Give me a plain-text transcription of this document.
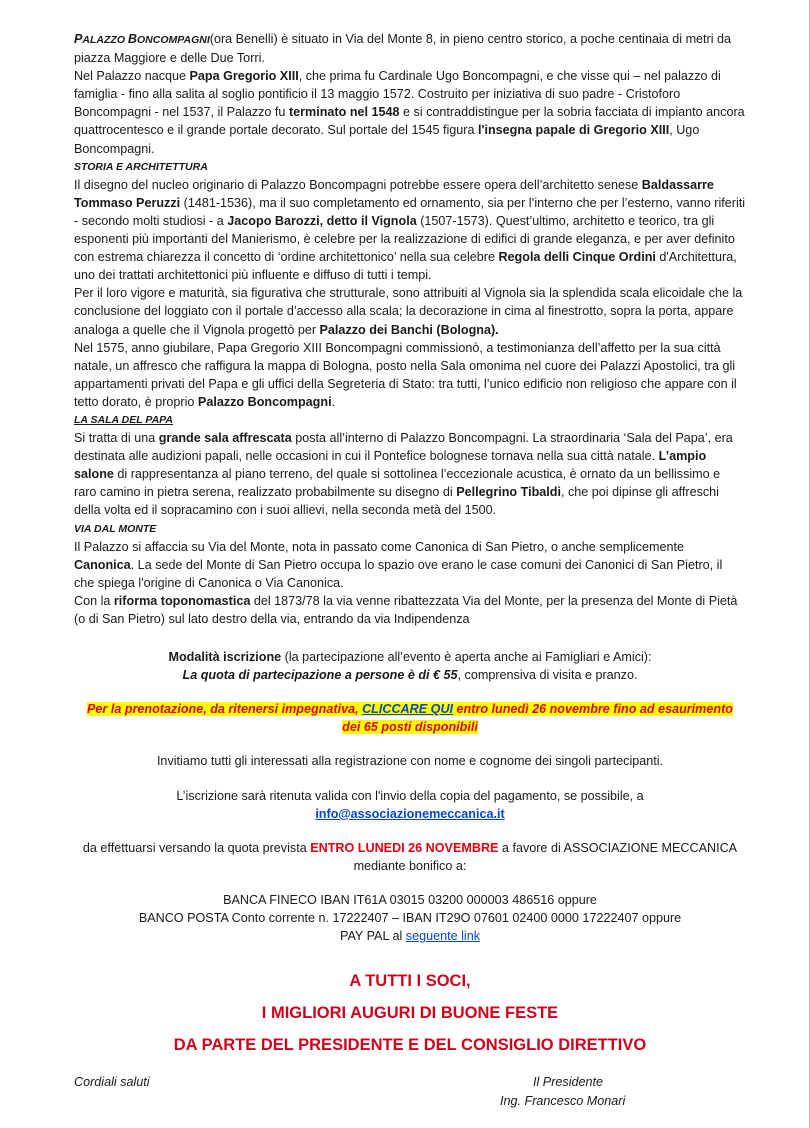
PALAZZO BONCOMPAGNI(ora Benelli) è situato in Via del Monte 8, in pieno centro storico, a poche centinaia di metri da piazza Maggiore e delle Due Torri.

Nel Palazzo nacque Papa Gregorio XIII, che prima fu Cardinale Ugo Boncompagni, e che visse qui – nel palazzo di famiglia - fino alla salita al soglio pontificio il 13 maggio 1572. Costruito per iniziativa di suo padre - Cristoforo Boncompagni - nel 1537, il Palazzo fu terminato nel 1548 e si contraddistingue per la sobria facciata di impianto ancora quattrocentesco e il grande portale decorato. Sul portale del 1545 figura l'insegna papale di Gregorio XIII, Ugo Boncompagni.

STORIA E ARCHITETTURA

Il disegno del nucleo originario di Palazzo Boncompagni potrebbe essere opera dell’architetto senese Baldassarre Tommaso Peruzzi (1481-1536), ma il suo completamento ed ornamento, sia per l’interno che per l’esterno, vanno riferiti - secondo molti studiosi - a Jacopo Barozzi, detto il Vignola (1507-1573). Quest’ultimo, architetto e teorico, tra gli esponenti più importanti del Manierismo, è celebre per la realizzazione di edifici di grande eleganza, e per aver definito con estrema chiarezza il concetto di ‘ordine architettonico’ nella sua celebre Regola delli Cinque Ordini d'Architettura, uno dei trattati architettonici più influente e diffuso di tutti i tempi.

Per il loro vigore e maturità, sia figurativa che strutturale, sono attribuiti al Vignola sia la splendida scala elicoidale che la conclusione del loggiato con il portale d’accesso alla scala; la decorazione in cima al finestrotto, sopra la porta, appare analoga a quelle che il Vignola progettò per Palazzo dei Banchi (Bologna).

Nel 1575, anno giubilare, Papa Gregorio XIII Boncompagni commissionò, a testimonianza dell’affetto per la sua città natale, un affresco che raffigura la mappa di Bologna, posto nella Sala omonima nel cuore dei Palazzi Apostolici, tra gli appartamenti privati del Papa e gli uffici della Segreteria di Stato: tra tutti, l’unico edificio non religioso che appare con il tetto dorato, è proprio Palazzo Boncompagni.

LA SALA DEL PAPA

Si tratta di una grande sala affrescata posta all’interno di Palazzo Boncompagni. La straordinaria ‘Sala del Papa’, era destinata alle audizioni papali, nelle occasioni in cui il Pontefice bolognese tornava nella sua città natale. L’ampio salone di rappresentanza al piano terreno, del quale si sottolinea l’eccezionale acustica, è ornato da un bellissimo e raro camino in pietra serena, realizzato probabilmente su disegno di Pellegrino Tibaldi, che poi dipinse gli affreschi della volta ed il sopracamino con i suoi allievi, nella seconda metà del 1500.

VIA DAL MONTE

Il Palazzo si affaccia su Via del Monte, nota in passato come Canonica di San Pietro, o anche semplicemente Canonica. La sede del Monte di San Pietro occupa lo spazio ove erano le case comuni dei Canonici di San Pietro, il che spiega l'origine di Canonica o Via Canonica.

Con la riforma toponomastica del 1873/78 la via venne ribattezzata Via del Monte, per la presenza del Monte di Pietà (o di San Pietro) sul lato destro della via, entrando da via Indipendenza

Modalità iscrizione (la partecipazione all’evento è aperta anche ai Famigliari e Amici):

La quota di partecipazione a persone è di € 55, comprensiva di visita e pranzo.

Per la prenotazione, da ritenersi impegnativa, CLICCARE QUI entro lunedì 26 novembre fino ad esaurimento
dei 65 posti disponibili

Invitiamo tutti gli interessati alla registrazione con nome e cognome dei singoli partecipanti.

L’iscrizione sarà ritenuta valida con l'invio della copia del pagamento, se possibile, a

info@associazionemeccanica.it

da effettuarsi versando la quota prevista ENTRO LUNEDI 26 NOVEMBRE a favore di ASSOCIAZIONE MECCANICA

mediante bonifico a:

BANCA FINECO IBAN IT61A 03015 03200 000003 486516 oppure

BANCO POSTA Conto corrente n. 17222407 – IBAN IT29O 07601 02400 0000 17222407 oppure

PAY PAL al seguente link

A TUTTI I SOCI,

I MIGLIORI AUGURI DI BUONE FESTE

DA PARTE DEL PRESIDENTE E DEL CONSIGLIO DIRETTIVO

Cordiali saluti	Il Presidente
Ing. Francesco Monari
